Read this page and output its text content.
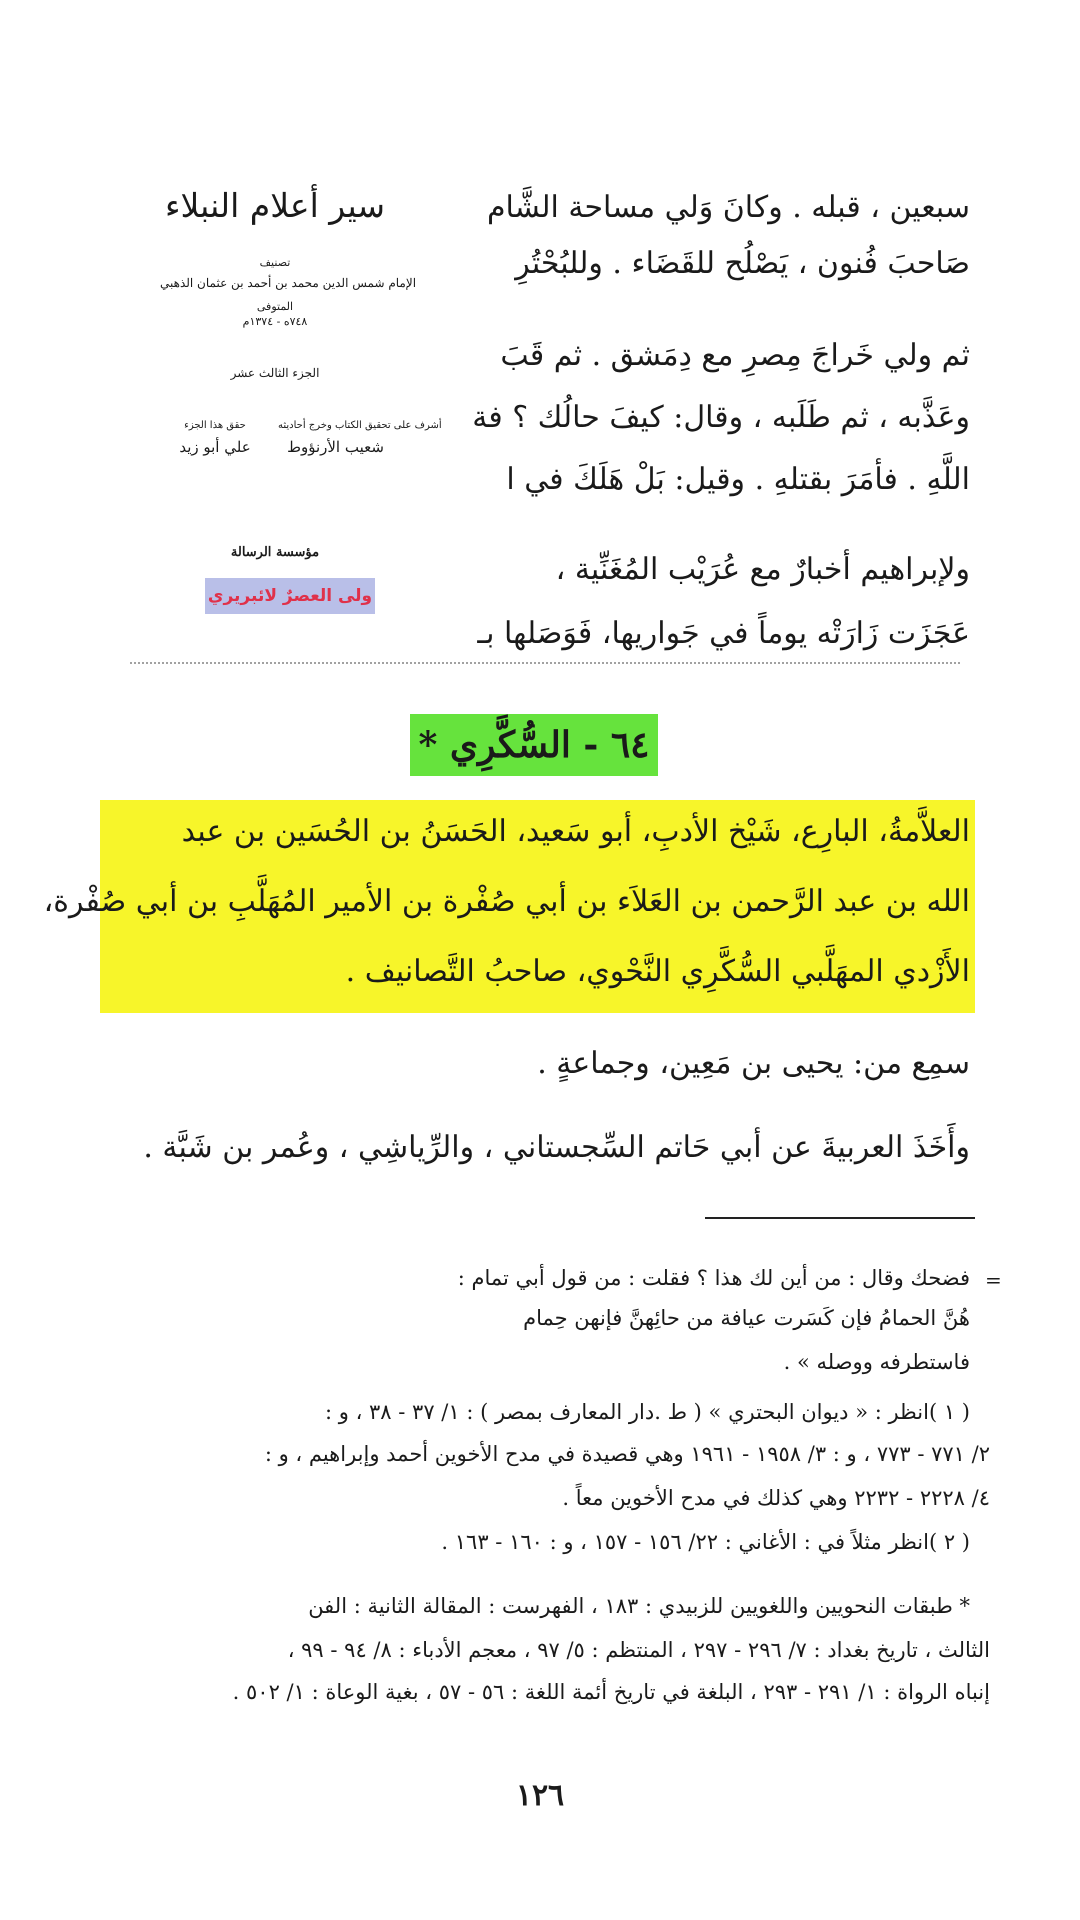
سير أعلام النبلاء
تصنيف
الإمام شمس الدين محمد بن أحمد بن عثمان الذهبي
المتوفى
٧٤٨ه - ١٣٧٤م
الجزء الثالث عشر
أشرف على تحقيق الكتاب وخرج أحاديثه
شعيب الأرنؤوط
حقق هذا الجزء
علي أبو زيد
مؤسسة الرسالة
ولى العصرٌ لائبريري
سبعين ، قبله . وكانَ وَلي مساحة الشَّام
صَاحبَ فُنون ، يَصْلُح للقَضَاء . وللبُحْتُرِ
ثم ولي خَراجَ مِصرِ مع دِمَشق . ثم قَبَ
وعَذَّبه ، ثم طَلَبه ، وقال: كيفَ حالُك ؟ فة
اللَّهِ . فأمَرَ بقتلهِ . وقيل: بَلْ هَلَكَ في ا
ولإبراهيم أخبارٌ مع عُرَيْب المُغَنِّية ،
عَجَزَت زَارَتْه يوماً في جَواريها، فَوَصَلها بـ
٦٤ - السُّكَّرِي *
العلاَّمةُ، البارِع، شَيْخ الأدبِ، أبو سَعيد، الحَسَنُ بن الحُسَين بن عبد
الله بن عبد الرَّحمن بن العَلاَء بن أبي صُفْرة بن الأمير المُهَلَّبِ بن أبي صُفْرة،
الأَزْدي المهَلَّبي السُّكَّرِي النَّحْوي، صاحبُ التَّصانيف .
سمِع من: يحيى بن مَعِين، وجماعةٍ .
وأَخَذَ العربيةَ عن أبي حَاتم السِّجستاني ، والرِّياشِي ، وعُمر بن شَبَّة .
=
فضحك وقال : من أين لك هذا ؟ فقلت : من قول أبي تمام :
هُنَّ الحمامُ فإن كَسَرت عيافة من حائِهنَّ فإنهن حِمام
فاستطرفه ووصله » .
( ١ )انظر : « ديوان البحتري » ( ط .دار المعارف بمصر ) : ١/ ٣٧ - ٣٨ ، و :
٢/ ٧٧١ - ٧٧٣ ، و : ٣/ ١٩٥٨ - ١٩٦١ وهي قصيدة في مدح الأخوين أحمد وإبراهيم ، و :
٤/ ٢٢٢٨ - ٢٢٣٢ وهي كذلك في مدح الأخوين معاً .
( ٢ )انظر مثلاً في : الأغاني : ٢٢/ ١٥٦ - ١٥٧ ، و : ١٦٠ - ١٦٣ .
* طبقات النحويين واللغويين للزبيدي : ١٨٣ ، الفهرست : المقالة الثانية : الفن
الثالث ، تاريخ بغداد : ٧/ ٢٩٦ - ٢٩٧ ، المنتظم : ٥/ ٩٧ ، معجم الأدباء : ٨/ ٩٤ - ٩٩ ،
إنباه الرواة : ١/ ٢٩١ - ٢٩٣ ، البلغة في تاريخ أئمة اللغة : ٥٦ - ٥٧ ، بغية الوعاة : ١/ ٥٠٢ .
١٢٦
